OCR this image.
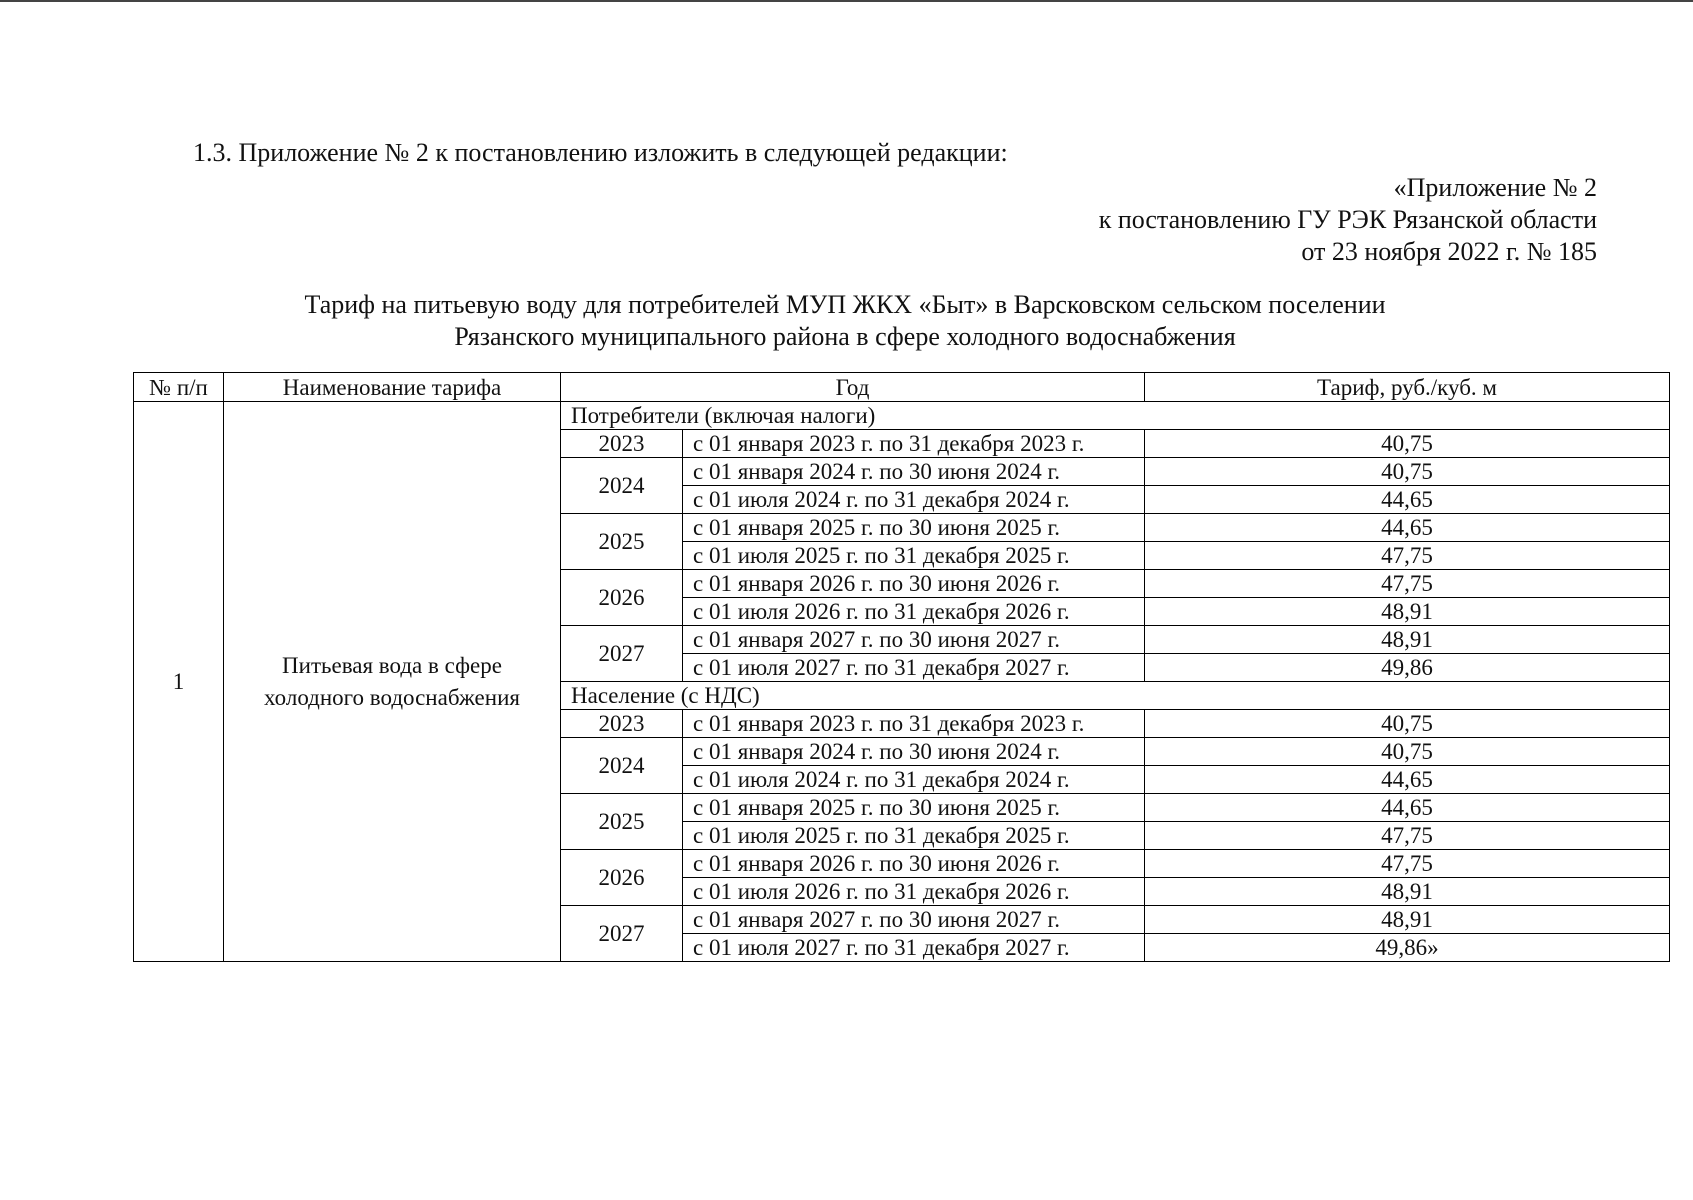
1.3. Приложение № 2 к постановлению изложить в следующей редакции:
«Приложение № 2
к постановлению ГУ РЭК Рязанской области
от 23 ноября 2022 г. № 185
Тариф на питьевую воду для потребителей МУП ЖКХ «Быт» в Варсковском сельском поселении
Рязанского муниципального района в сфере холодного водоснабжения
№ п/п	Наименование тарифа	Год		Тариф, руб./куб. м
1	Питьевая вода в сфере холодного водоснабжения	Потребители (включая налоги)		
		2023	с 01 января 2023 г. по 31 декабря 2023 г.	40,75
		2024	с 01 января 2024 г. по 30 июня 2024 г.	40,75
			с 01 июля 2024 г. по 31 декабря 2024 г.	44,65
		2025	с 01 января 2025 г. по 30 июня 2025 г.	44,65
			с 01 июля 2025 г. по 31 декабря 2025 г.	47,75
		2026	с 01 января 2026 г. по 30 июня 2026 г.	47,75
			с 01 июля 2026 г. по 31 декабря 2026 г.	48,91
		2027	с 01 января 2027 г. по 30 июня 2027 г.	48,91
			с 01 июля 2027 г. по 31 декабря 2027 г.	49,86
		Население (с НДС)		
		2023	с 01 января 2023 г. по 31 декабря 2023 г.	40,75
		2024	с 01 января 2024 г. по 30 июня 2024 г.	40,75
			с 01 июля 2024 г. по 31 декабря 2024 г.	44,65
		2025	с 01 января 2025 г. по 30 июня 2025 г.	44,65
			с 01 июля 2025 г. по 31 декабря 2025 г.	47,75
		2026	с 01 января 2026 г. по 30 июня 2026 г.	47,75
			с 01 июля 2026 г. по 31 декабря 2026 г.	48,91
		2027	с 01 января 2027 г. по 30 июня 2027 г.	48,91
			с 01 июля 2027 г. по 31 декабря 2027 г.	49,86»
